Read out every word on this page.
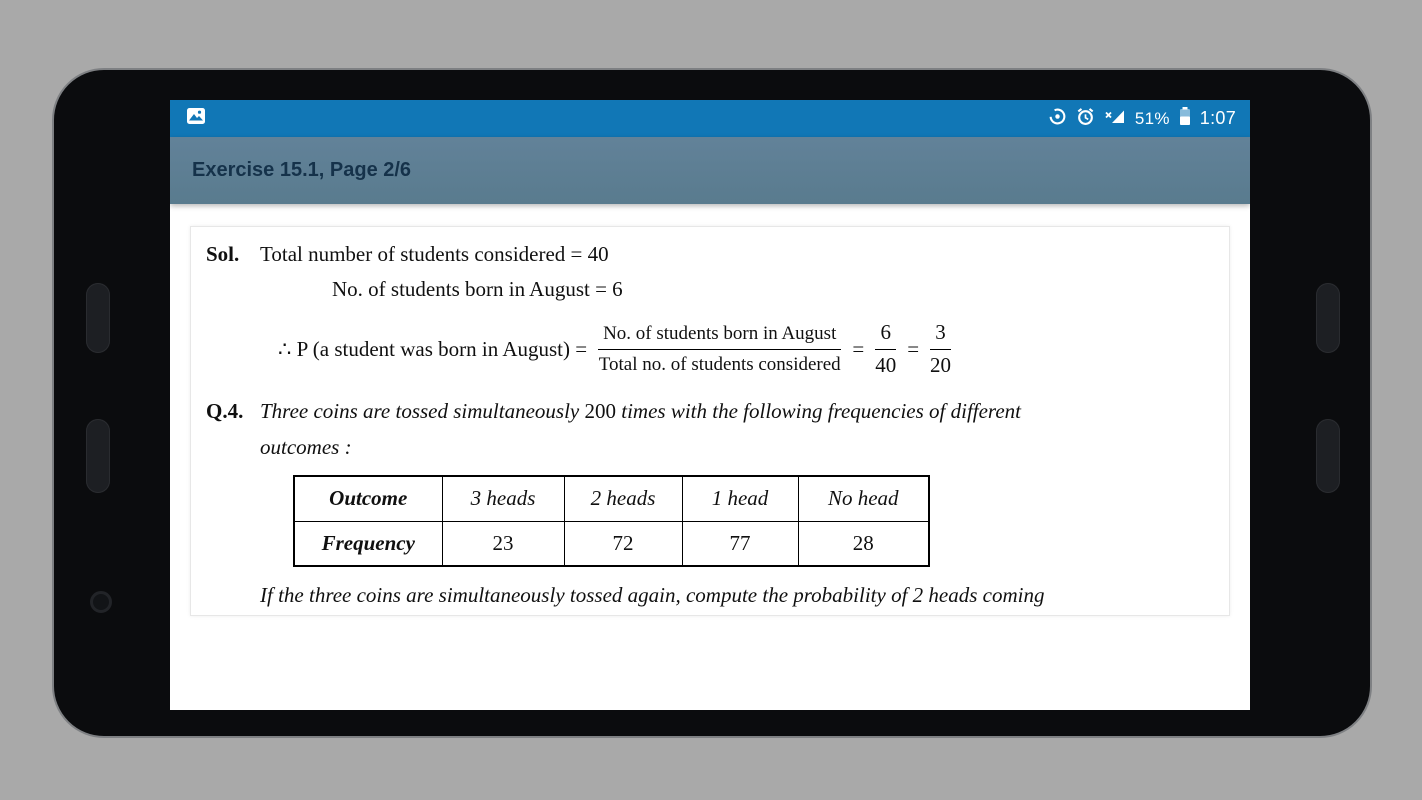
51% 1:07
Exercise 15.1, Page 2/6
Sol. Total number of students considered = 40
No. of students born in August = 6
∴ P (a student was born in August) = $\frac{\text{No. of students born in August}}{\text{Total no. of students considered}} = \frac{6}{40} = \frac{3}{20}$
Q.4. Three coins are tossed simultaneously 200 times with the following frequencies of different
outcomes :
Outcome	3 heads	2 heads	1 head	No head
Frequency	23	72	77	28
If the three coins are simultaneously tossed again, compute the probability of 2 heads coming
